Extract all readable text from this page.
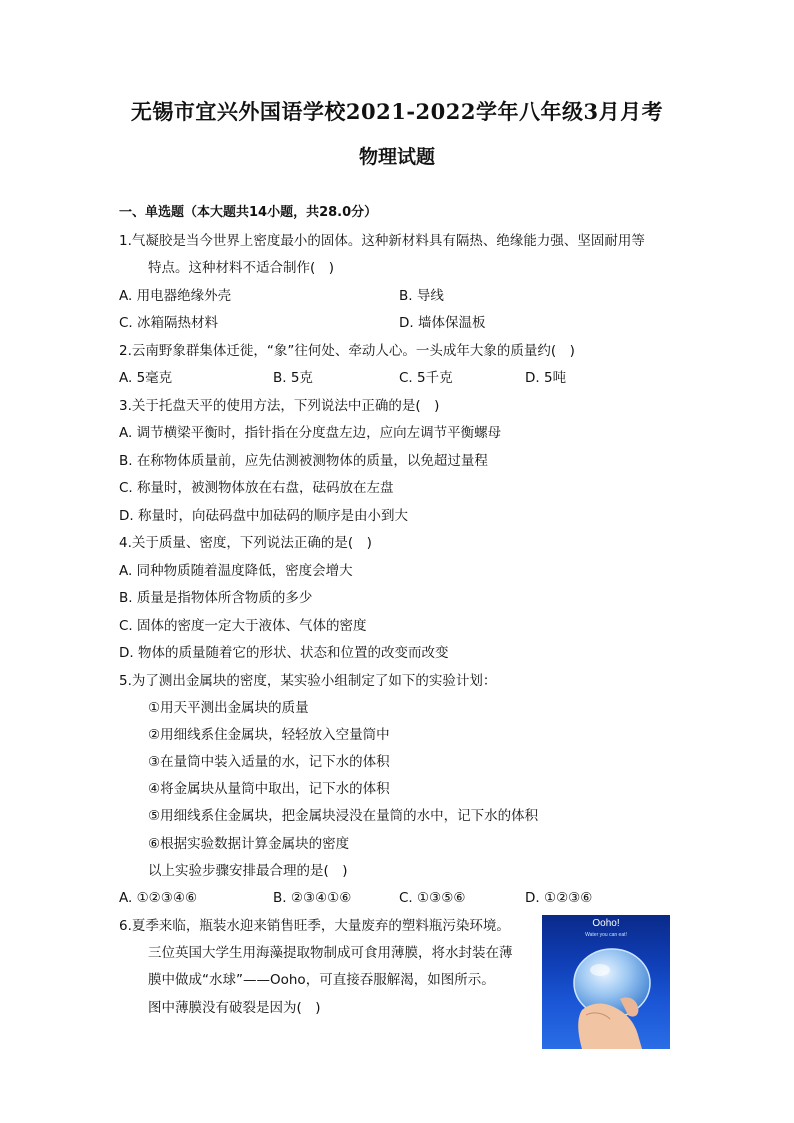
无锡市宜兴外国语学校2021-2022学年八年级3月月考
物理试题
一、单选题（本大题共14小题，共28.0分）
1.气凝胶是当今世界上密度最小的固体。这种新材料具有隔热、绝缘能力强、坚固耐用等
特点。这种材料不适合制作(　)
A. 用电器绝缘外壳	B. 导线
C. 冰箱隔热材料	D. 墙体保温板
2.云南野象群集体迁徙，“象”往何处、牵动人心。一头成年大象的质量约(　)
A. 5毫克	B. 5克	C. 5千克	D. 5吨
3.关于托盘天平的使用方法，下列说法中正确的是(　)
A. 调节横梁平衡时，指针指在分度盘左边，应向左调节平衡螺母
B. 在称物体质量前，应先估测被测物体的质量，以免超过量程
C. 称量时，被测物体放在右盘，砝码放在左盘
D. 称量时，向砝码盘中加砝码的顺序是由小到大
4.关于质量、密度，下列说法正确的是(　)
A. 同种物质随着温度降低，密度会增大
B. 质量是指物体所含物质的多少
C. 固体的密度一定大于液体、气体的密度
D. 物体的质量随着它的形状、状态和位置的改变而改变
5.为了测出金属块的密度，某实验小组制定了如下的实验计划：
①用天平测出金属块的质量
②用细线系住金属块，轻轻放入空量筒中
③在量筒中装入适量的水，记下水的体积
④将金属块从量筒中取出，记下水的体积
⑤用细线系住金属块，把金属块浸没在量筒的水中，记下水的体积
⑥根据实验数据计算金属块的密度
以上实验步骤安排最合理的是(　)
A. ①②③④⑥	B. ②③④①⑥	C. ①③⑤⑥	D. ①②③⑥
6.夏季来临，瓶装水迎来销售旺季，大量废弃的塑料瓶污染环境。
三位英国大学生用海藻提取物制成可食用薄膜，将水封装在薄
膜中做成“水球”——Ooho，可直接吞服解渴，如图所示。
图中薄膜没有破裂是因为(　)
Ooho!
Water you can eat!
